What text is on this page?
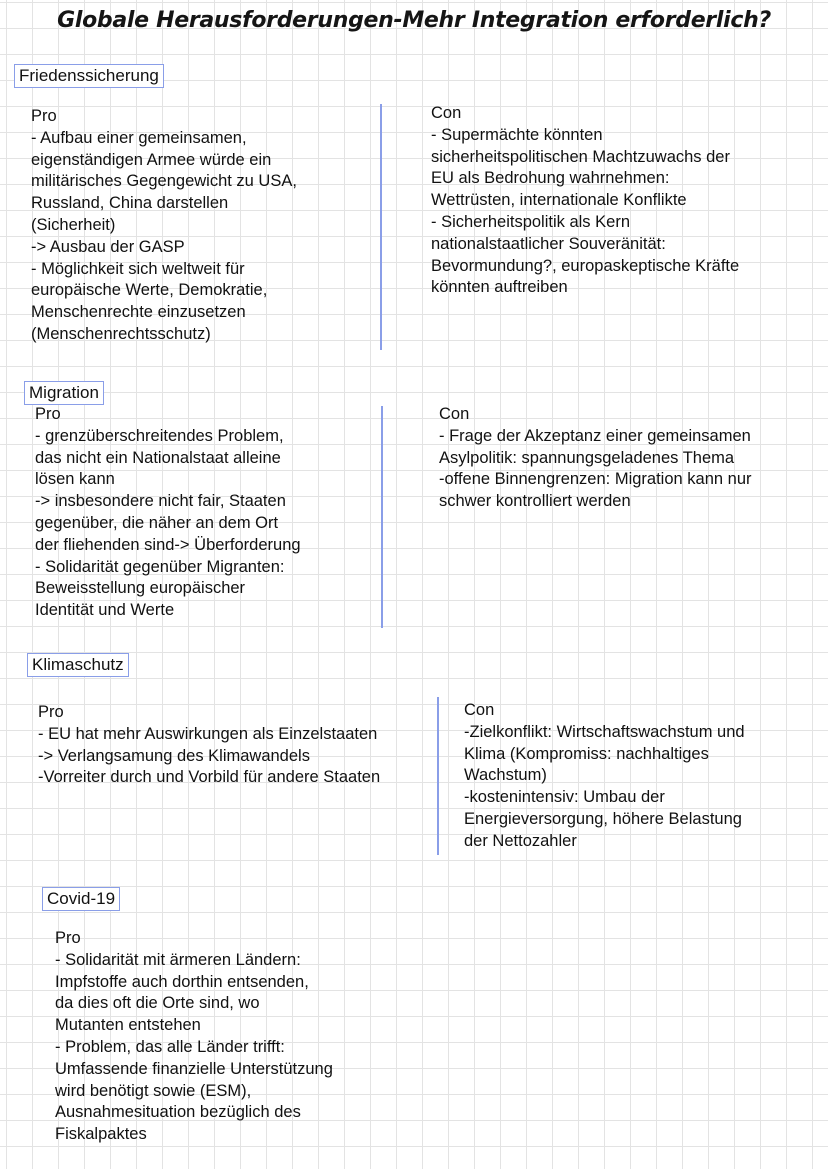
Globale Herausforderungen-Mehr Integration erforderlich?
Friedenssicherung
Pro
- Aufbau einer gemeinsamen,
eigenständigen Armee würde ein
militärisches Gegengewicht zu USA,
Russland, China darstellen
(Sicherheit)
-> Ausbau der GASP
- Möglichkeit sich weltweit für
europäische Werte, Demokratie,
Menschenrechte einzusetzen
(Menschenrechtsschutz)
Con
- Supermächte könnten
sicherheitspolitischen Machtzuwachs der
EU als Bedrohung wahrnehmen:
Wettrüsten, internationale Konflikte
- Sicherheitspolitik als Kern
nationalstaatlicher Souveränität:
Bevormundung?, europaskeptische Kräfte
könnten auftreiben
Migration
Pro
- grenzüberschreitendes Problem,
das nicht ein Nationalstaat alleine
lösen kann
-> insbesondere nicht fair, Staaten
gegenüber, die näher an dem Ort
der fliehenden sind-> Überforderung
- Solidarität gegenüber Migranten:
Beweisstellung europäischer
Identität und Werte
Con
- Frage der Akzeptanz einer gemeinsamen
Asylpolitik: spannungsgeladenes Thema
-offene Binnengrenzen: Migration kann nur
schwer kontrolliert werden
Klimaschutz
Pro
- EU hat mehr Auswirkungen als Einzelstaaten
-> Verlangsamung des Klimawandels
-Vorreiter durch und Vorbild für andere Staaten
Con
-Zielkonflikt: Wirtschaftswachstum und
Klima (Kompromiss: nachhaltiges
Wachstum)
-kostenintensiv: Umbau der
Energieversorgung, höhere Belastung
der Nettozahler
Covid-19
Pro
- Solidarität mit ärmeren Ländern:
Impfstoffe auch dorthin entsenden,
da dies oft die Orte sind, wo
Mutanten entstehen
- Problem, das alle Länder trifft:
Umfassende finanzielle Unterstützung
wird benötigt sowie (ESM),
Ausnahmesituation bezüglich des
Fiskalpaktes
